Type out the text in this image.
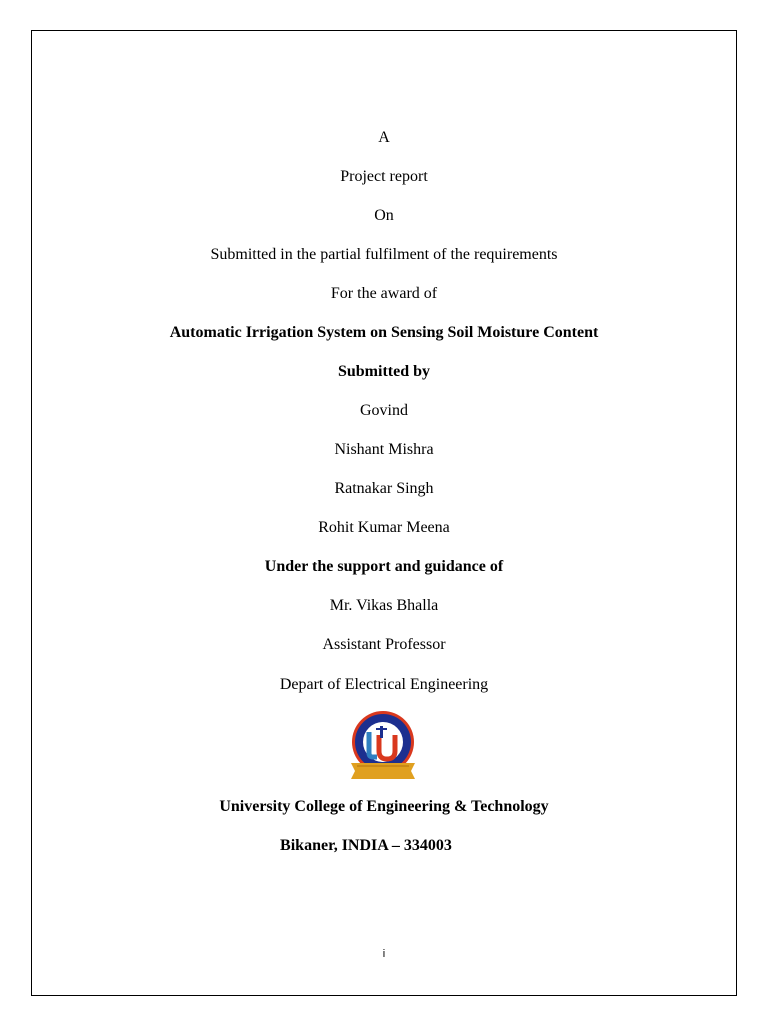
A
Project report
On
Submitted in the partial fulfilment of the requirements
For the award of
Automatic Irrigation System on Sensing Soil Moisture Content
Submitted by
Govind
Nishant Mishra
Ratnakar Singh
Rohit Kumar Meena
Under the support and guidance of
Mr. Vikas Bhalla
Assistant Professor
Depart of Electrical Engineering
University College of Engineering & Technology
Bikaner, INDIA – 334003
i
